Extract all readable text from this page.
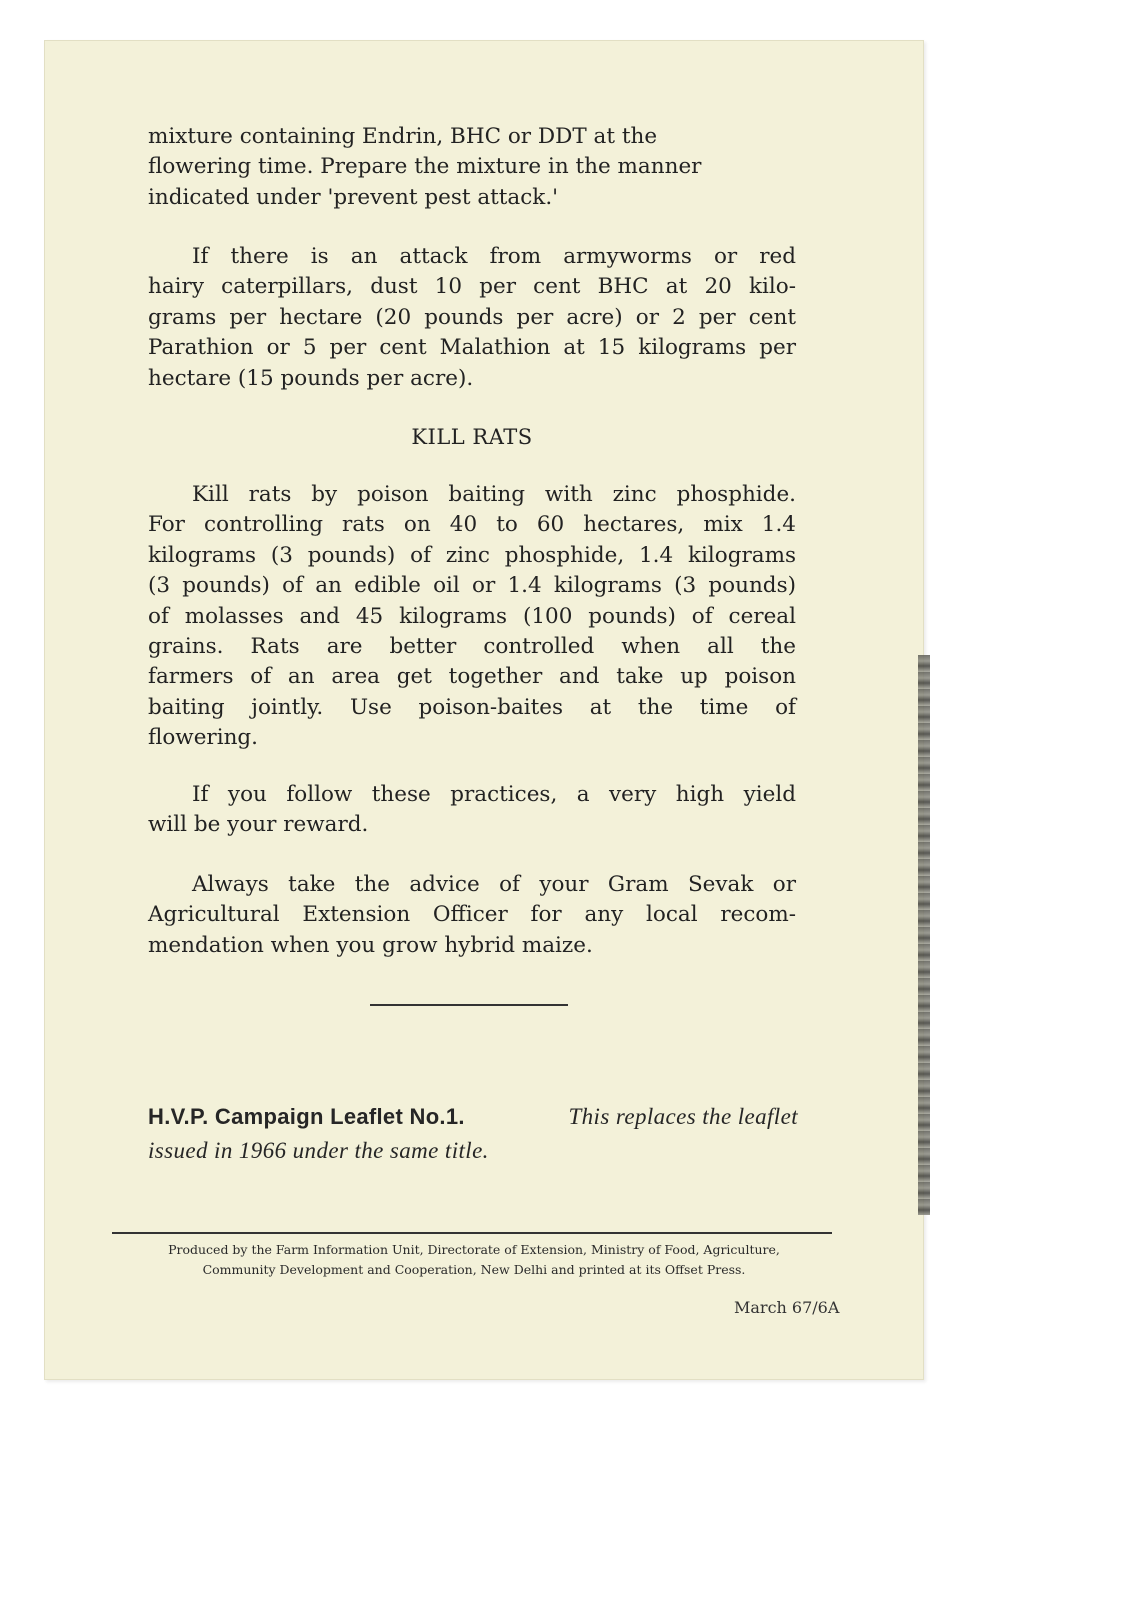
mixture containing Endrin, BHC or DDT at the
flowering time. Prepare the mixture in the manner
indicated under 'prevent pest attack.'
If there is an attack from armyworms or red
hairy caterpillars, dust 10 per cent BHC at 20 kilo-
grams per hectare (20 pounds per acre) or 2 per cent
Parathion or 5 per cent Malathion at 15 kilograms per
hectare (15 pounds per acre).

KILL RATS

Kill rats by poison baiting with zinc phosphide.
For controlling rats on 40 to 60 hectares, mix 1.4
kilograms (3 pounds) of zinc phosphide, 1.4 kilograms
(3 pounds) of an edible oil or 1.4 kilograms (3 pounds)
of molasses and 45 kilograms (100 pounds) of cereal
grains. Rats are better controlled when all the
farmers of an area get together and take up poison
baiting jointly. Use poison-baites at the time of
flowering.
If you follow these practices, a very high yield
will be your reward.
Always take the advice of your Gram Sevak or
Agricultural Extension Officer for any local recom-
mendation when you grow hybrid maize.
H.V.P. Campaign Leaflet No.1.	This replaces the leaflet
issued in 1966 under the same title.
Produced by the Farm Information Unit, Directorate of Extension, Ministry of Food, Agriculture,
Community Development and Cooperation, New Delhi and printed at its Offset Press.

March 67/6A
